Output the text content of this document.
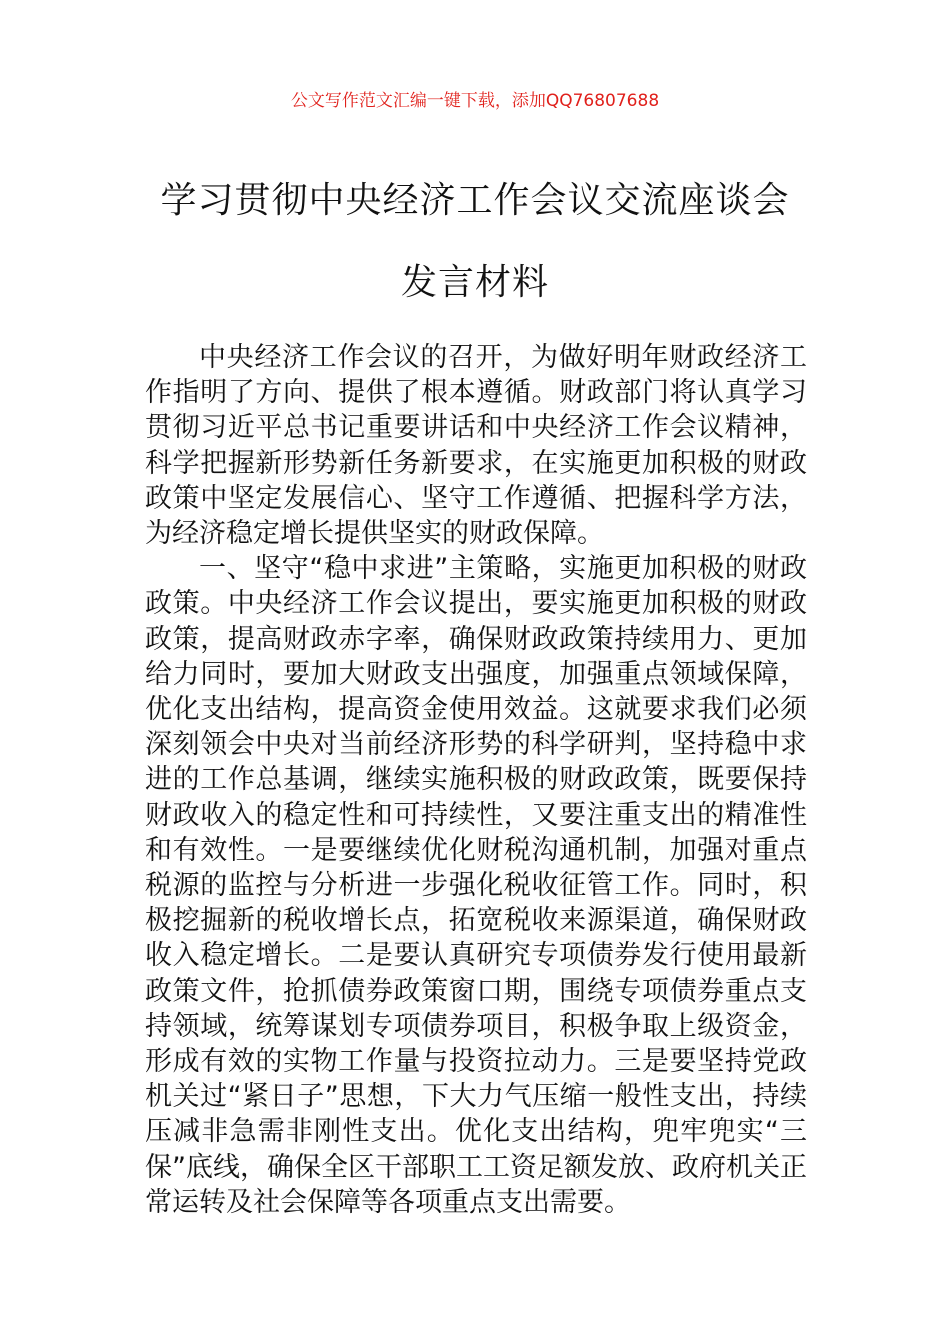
公文写作范文汇编一键下载，添加QQ76807688
学习贯彻中央经济工作会议交流座谈会发言材料

中央经济工作会议的召开，为做好明年财政经济工作指明了方向、提供了根本遵循。财政部门将认真学习贯彻习近平总书记重要讲话和中央经济工作会议精神，科学把握新形势新任务新要求，在实施更加积极的财政政策中坚定发展信心、坚守工作遵循、把握科学方法，为经济稳定增长提供坚实的财政保障。

一、坚守“稳中求进”主策略，实施更加积极的财政政策。中央经济工作会议提出，要实施更加积极的财政政策，提高财政赤字率，确保财政政策持续用力、更加给力同时，要加大财政支出强度，加强重点领域保障，优化支出结构，提高资金使用效益。这就要求我们必须深刻领会中央对当前经济形势的科学研判，坚持稳中求进的工作总基调，继续实施积极的财政政策，既要保持财政收入的稳定性和可持续性，又要注重支出的精准性和有效性。一是要继续优化财税沟通机制，加强对重点税源的监控与分析进一步强化税收征管工作。同时，积极挖掘新的税收增长点，拓宽税收来源渠道，确保财政收入稳定增长。二是要认真研究专项债券发行使用最新政策文件，抢抓债券政策窗口期，围绕专项债券重点支持领域，统筹谋划专项债券项目，积极争取上级资金，形成有效的实物工作量与投资拉动力。三是要坚持党政机关过“紧日子”思想，下大力气压缩一般性支出，持续压减非急需非刚性支出。优化支出结构，兜牢兜实“三保”底线，确保全区干部职工工资足额发放、政府机关正常运转及社会保障等各项重点支出需要。
